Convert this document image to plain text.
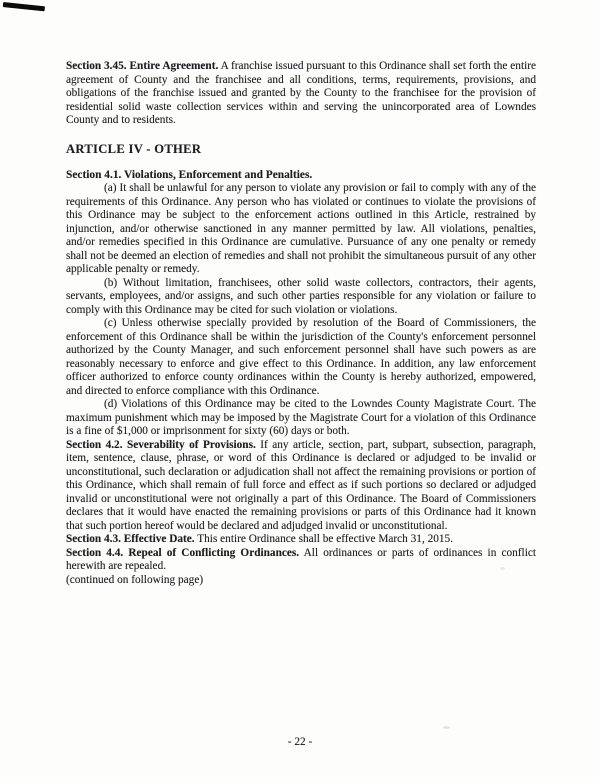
Section 3.45. Entire Agreement. A franchise issued pursuant to this Ordinance shall set forth the entire agreement of County and the franchisee and all conditions, terms, requirements, provisions, and obligations of the franchise issued and granted by the County to the franchisee for the provision of residential solid waste collection services within and serving the unincorporated area of Lowndes County and to residents.

ARTICLE IV - OTHER
Section 4.1. Violations, Enforcement and Penalties.

(a) It shall be unlawful for any person to violate any provision or fail to comply with any of the requirements of this Ordinance. Any person who has violated or continues to violate the provisions of this Ordinance may be subject to the enforcement actions outlined in this Article, restrained by injunction, and/or otherwise sanctioned in any manner permitted by law. All violations, penalties, and/or remedies specified in this Ordinance are cumulative. Pursuance of any one penalty or remedy shall not be deemed an election of remedies and shall not prohibit the simultaneous pursuit of any other applicable penalty or remedy.

(b) Without limitation, franchisees, other solid waste collectors, contractors, their agents, servants, employees, and/or assigns, and such other parties responsible for any violation or failure to comply with this Ordinance may be cited for such violation or violations.

(c) Unless otherwise specially provided by resolution of the Board of Commissioners, the enforcement of this Ordinance shall be within the jurisdiction of the County's enforcement personnel authorized by the County Manager, and such enforcement personnel shall have such powers as are reasonably necessary to enforce and give effect to this Ordinance. In addition, any law enforcement officer authorized to enforce county ordinances within the County is hereby authorized, empowered, and directed to enforce compliance with this Ordinance.

(d) Violations of this Ordinance may be cited to the Lowndes County Magistrate Court. The maximum punishment which may be imposed by the Magistrate Court for a violation of this Ordinance is a fine of $1,000 or imprisonment for sixty (60) days or both.

Section 4.2. Severability of Provisions. If any article, section, part, subpart, subsection, paragraph, item, sentence, clause, phrase, or word of this Ordinance is declared or adjudged to be invalid or unconstitutional, such declaration or adjudication shall not affect the remaining provisions or portion of this Ordinance, which shall remain of full force and effect as if such portions so declared or adjudged invalid or unconstitutional were not originally a part of this Ordinance. The Board of Commissioners declares that it would have enacted the remaining provisions or parts of this Ordinance had it known that such portion hereof would be declared and adjudged invalid or unconstitutional.

Section 4.3. Effective Date. This entire Ordinance shall be effective March 31, 2015.

Section 4.4. Repeal of Conflicting Ordinances. All ordinances or parts of ordinances in conflict herewith are repealed.

(continued on following page)

- 22 -
